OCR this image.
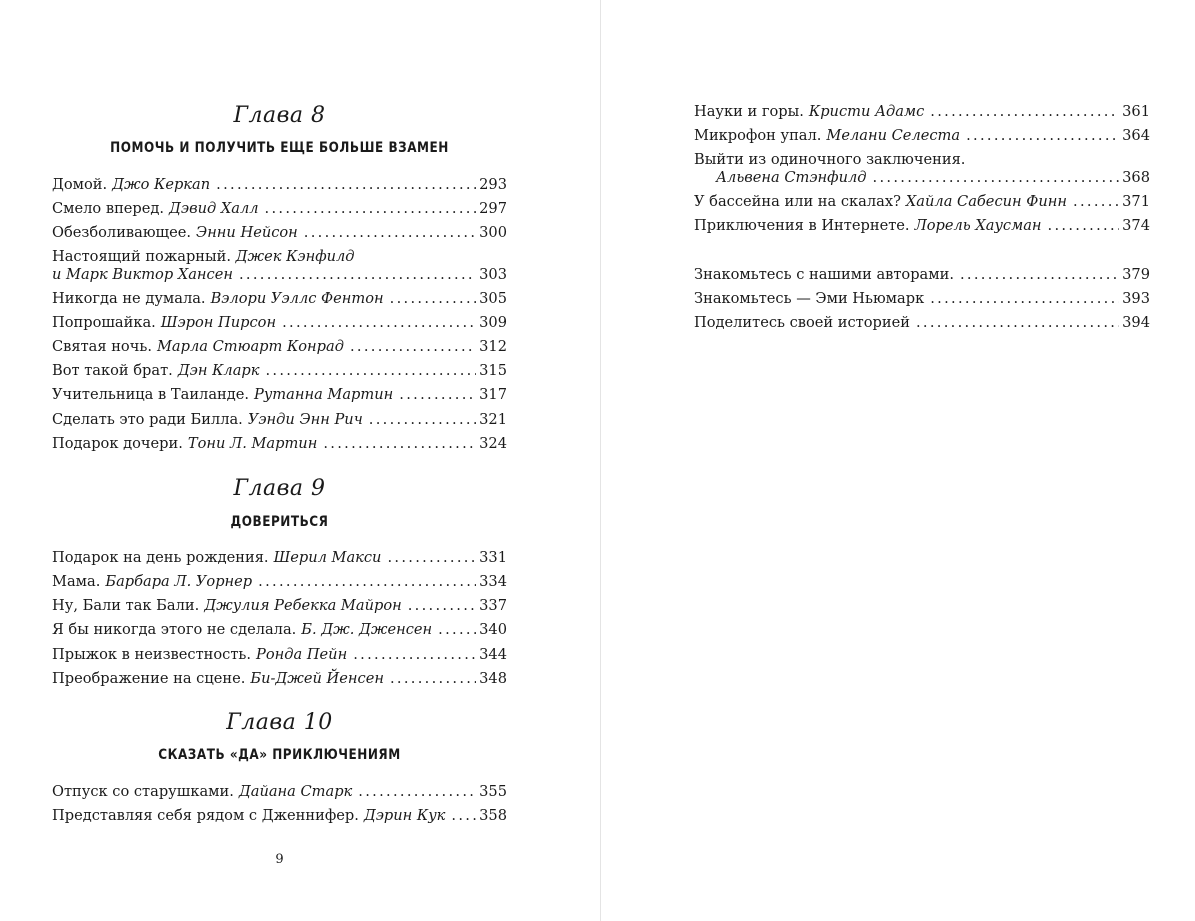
Глава 8
ПОМОЧЬ И ПОЛУЧИТЬ ЕЩЕ БОЛЬШЕ ВЗАМЕН
Домой. Джо Керкап .....	293
Смело вперед. Дэвид Халл .....	297
Обезболивающее. Энни Нейсон .....	300
Настоящий пожарный. Джек Кэнфилд
и Марк Виктор Хансен .....	303
Никогда не думала. Вэлори Уэллс Фентон .....	305
Попрошайка. Шэрон Пирсон .....	309
Святая ночь. Марла Стюарт Конрад .....	312
Вот такой брат. Дэн Кларк .....	315
Учительница в Таиланде. Рутанна Мартин .....	317
Сделать это ради Билла. Уэнди Энн Рич .....	321
Подарок дочери. Тони Л. Мартин .....	324
Глава 9
ДОВЕРИТЬСЯ
Подарок на день рождения. Шерил Макси .....	331
Мама. Барбара Л. Уорнер .....	334
Ну, Бали так Бали. Джулия Ребекка Майрон .....	337
Я бы никогда этого не сделала. Б. Дж. Дженсен .....	340
Прыжок в неизвестность. Ронда Пейн .....	344
Преображение на сцене. Би-Джей Йенсен .....	348
Глава 10
СКАЗАТЬ «ДА» ПРИКЛЮЧЕНИЯМ
Отпуск со старушками. Дайана Старк .....	355
Представляя себя рядом с Дженнифер. Дэрин Кук ..... 358
9
Науки и горы. Кристи Адамс .....	361
Микрофон упал. Мелани Селеста .....	364
Выйти из одиночного заключения.
Альвена Стэнфилд .....	368
У бассейна или на скалах? Хайла Сабесин Финн .....	371
Приключения в Интернете. Лорель Хаусман .....	374
Знакомьтесь с нашими авторами. .....	379
Знакомьтесь — Эми Ньюмарк .....	393
Поделитесь своей историей .....	394
